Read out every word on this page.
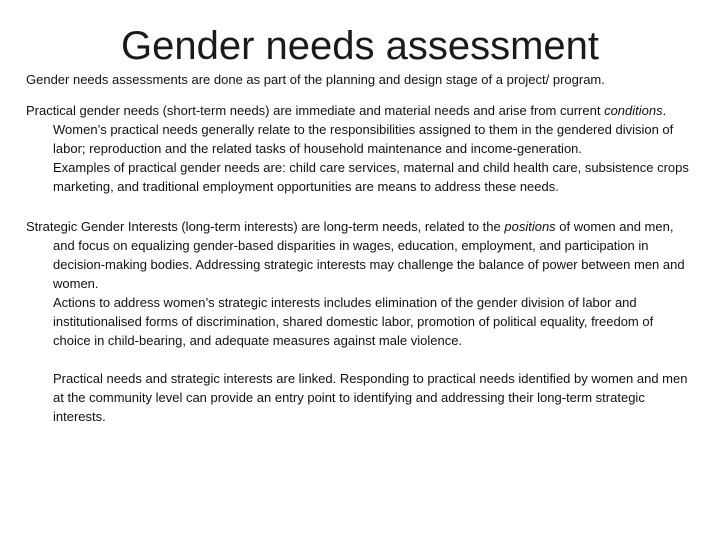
Gender needs assessment

Gender needs assessments are done as part of the planning and design stage of a project/ program.

Practical gender needs (short-term needs) are immediate and material needs and arise from current conditions. Women’s practical needs generally relate to the responsibilities assigned to them in the gendered division of labor; reproduction and the related tasks of household maintenance and income-generation.

Examples of practical gender needs are: child care services, maternal and child health care, subsistence crops marketing, and traditional employment opportunities are means to address these needs.

Strategic Gender Interests (long-term interests) are long-term needs, related to the positions of women and men, and focus on equalizing gender-based disparities in wages, education, employment, and participation in decision-making bodies. Addressing strategic interests may challenge the balance of power between men and women.

Actions to address women’s strategic interests includes elimination of the gender division of labor and institutionalised forms of discrimination, shared domestic labor, promotion of political equality, freedom of choice in child-bearing, and adequate measures against male violence.

Practical needs and strategic interests are linked. Responding to practical needs identified by women and men at the community level can provide an entry point to identifying and addressing their long-term strategic interests.
